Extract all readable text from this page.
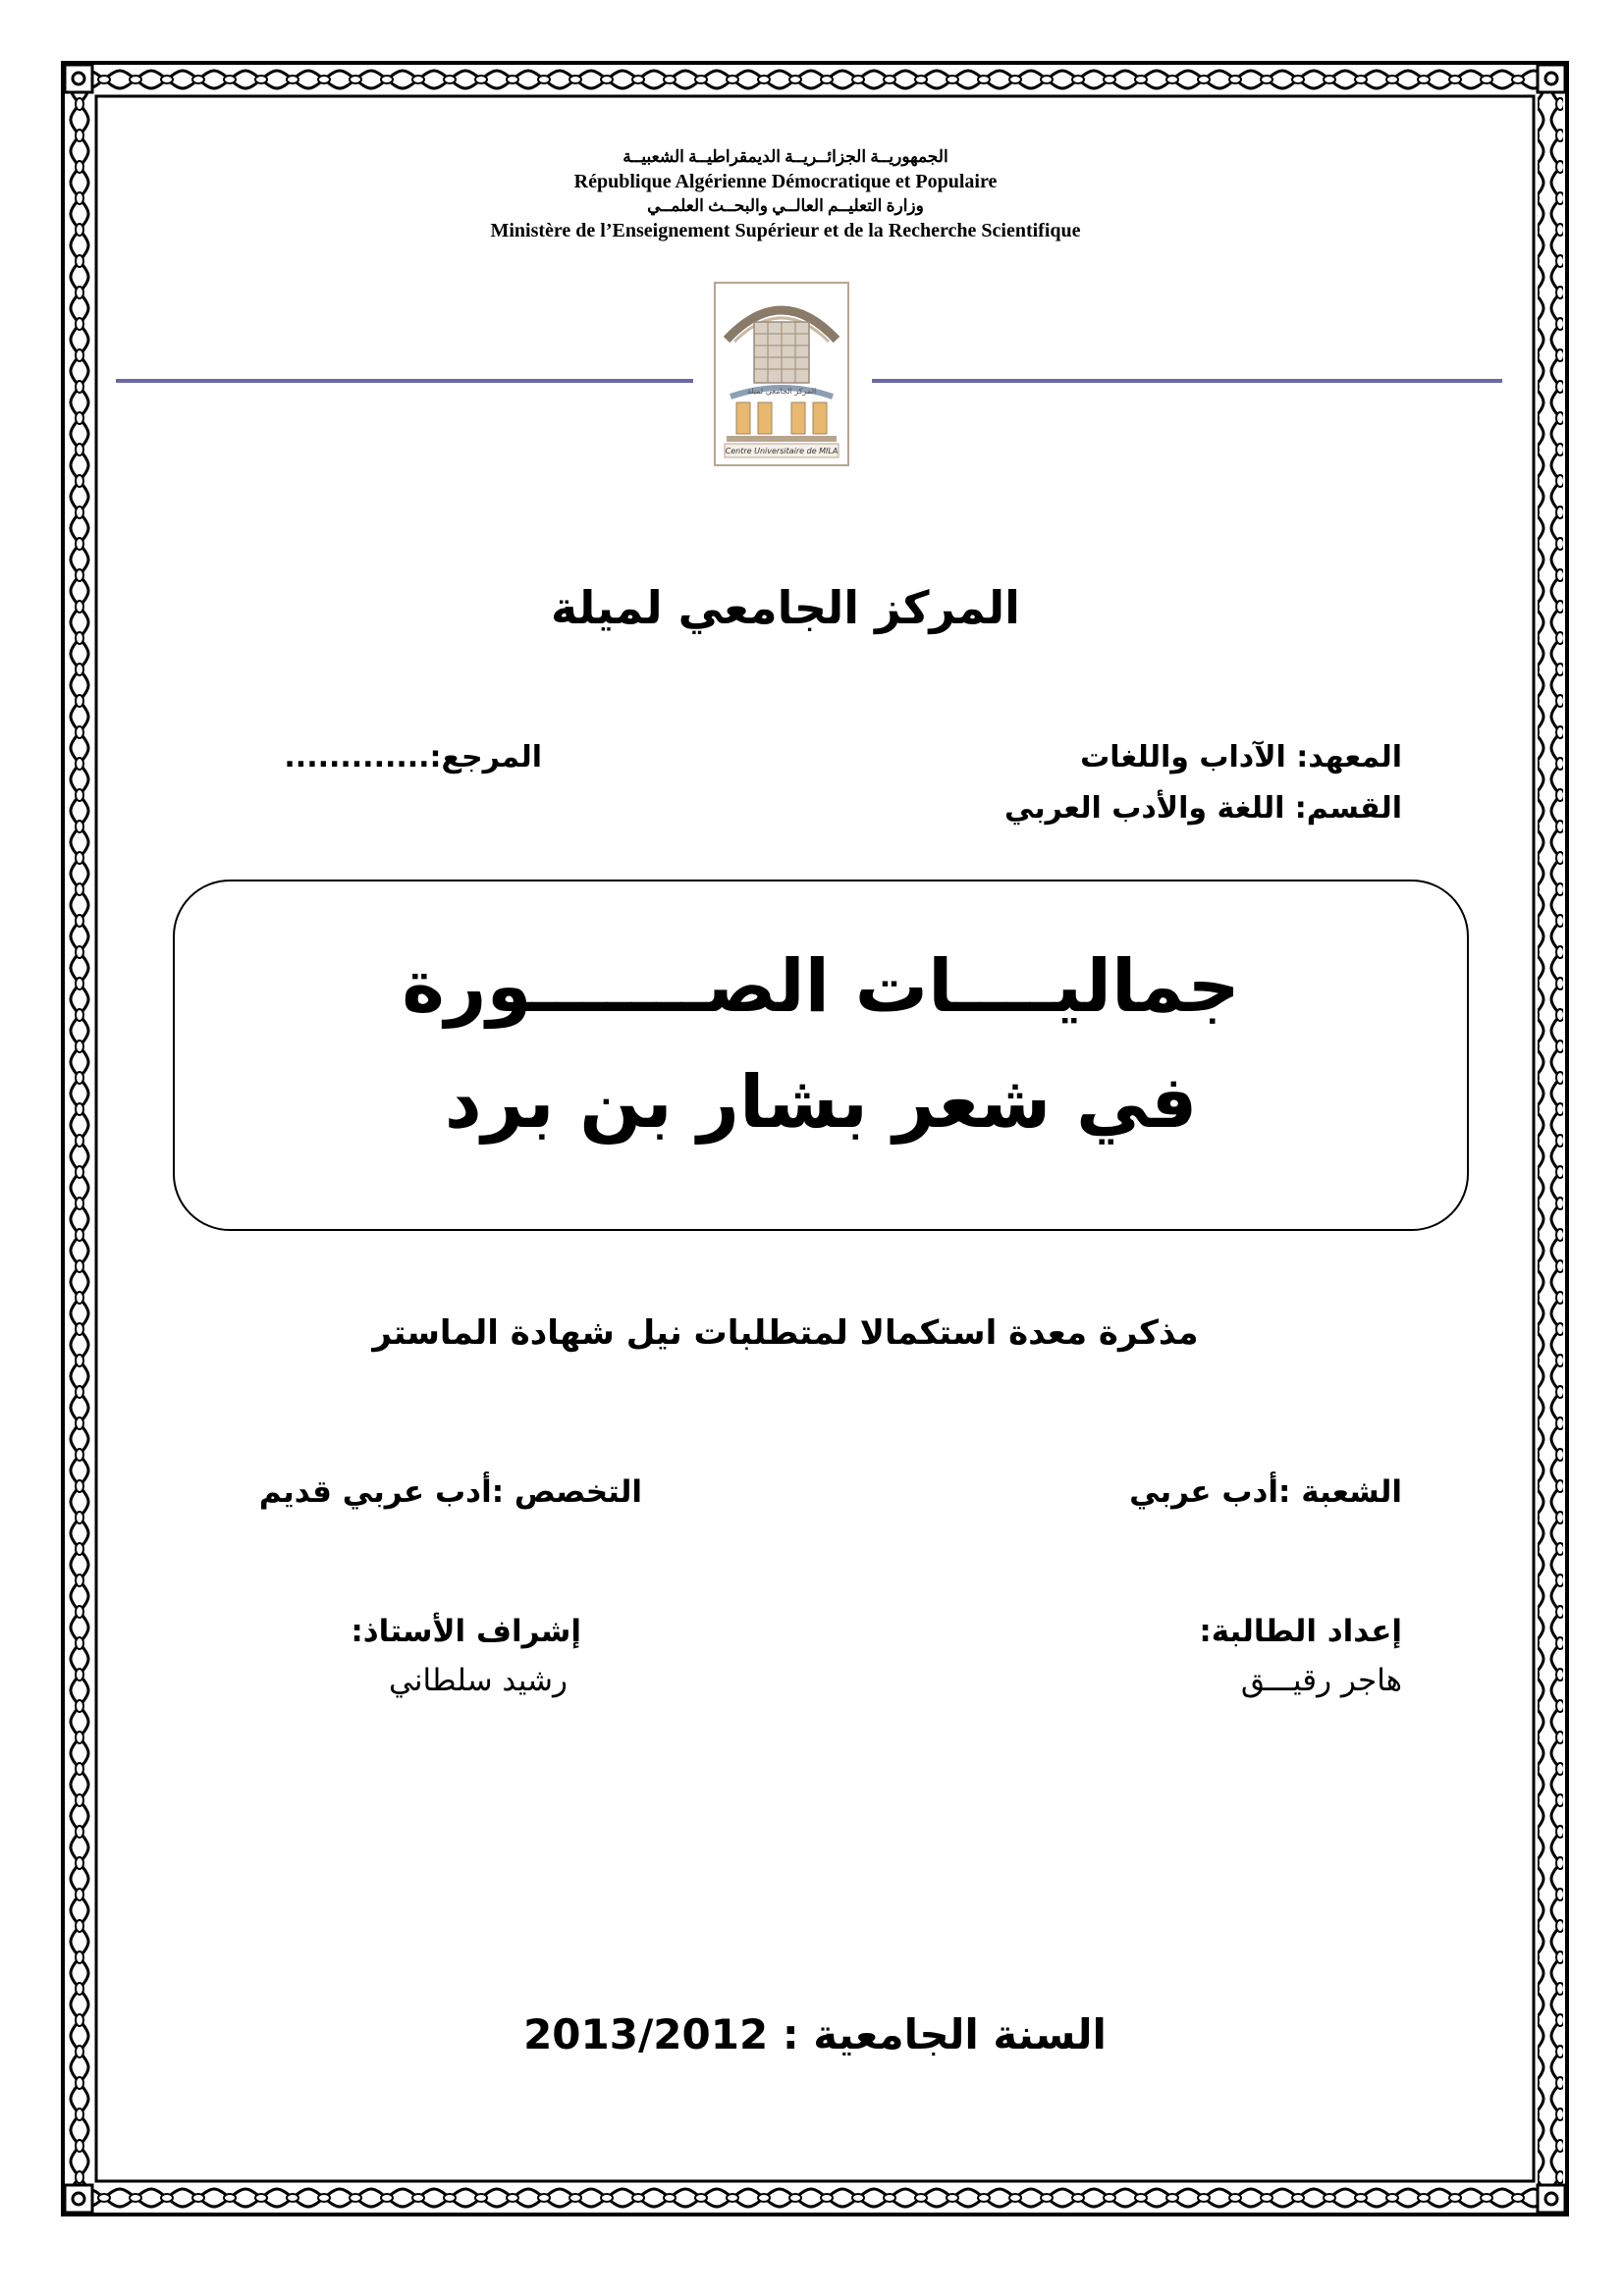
الجمهوريــة الجزائــريــة الديمقراطيــة الشعبيــة
République Algérienne Démocratique et Populaire
وزارة التعليــم العالــي والبحــث العلمــي
Ministère de l’Enseignement Supérieur et de la Recherche Scientifique
المركز الجامعي لميلة
Centre Universitaire de MILA
المركز الجامعي لميلة
المعهد: الآداب واللغات
المرجع:.............
القسم: اللغة والأدب العربي
جماليــــات الصـــــــورة
في شعر بشار بن برد
مذكرة معدة استكمالا لمتطلبات نيل شهادة الماستر
الشعبة :أدب عربي
التخصص :أدب عربي قديم
إعداد الطالبة:
إشراف الأستاذ:
هاجر رقيـــق
رشيد سلطاني
السنة الجامعية : 2013/2012
